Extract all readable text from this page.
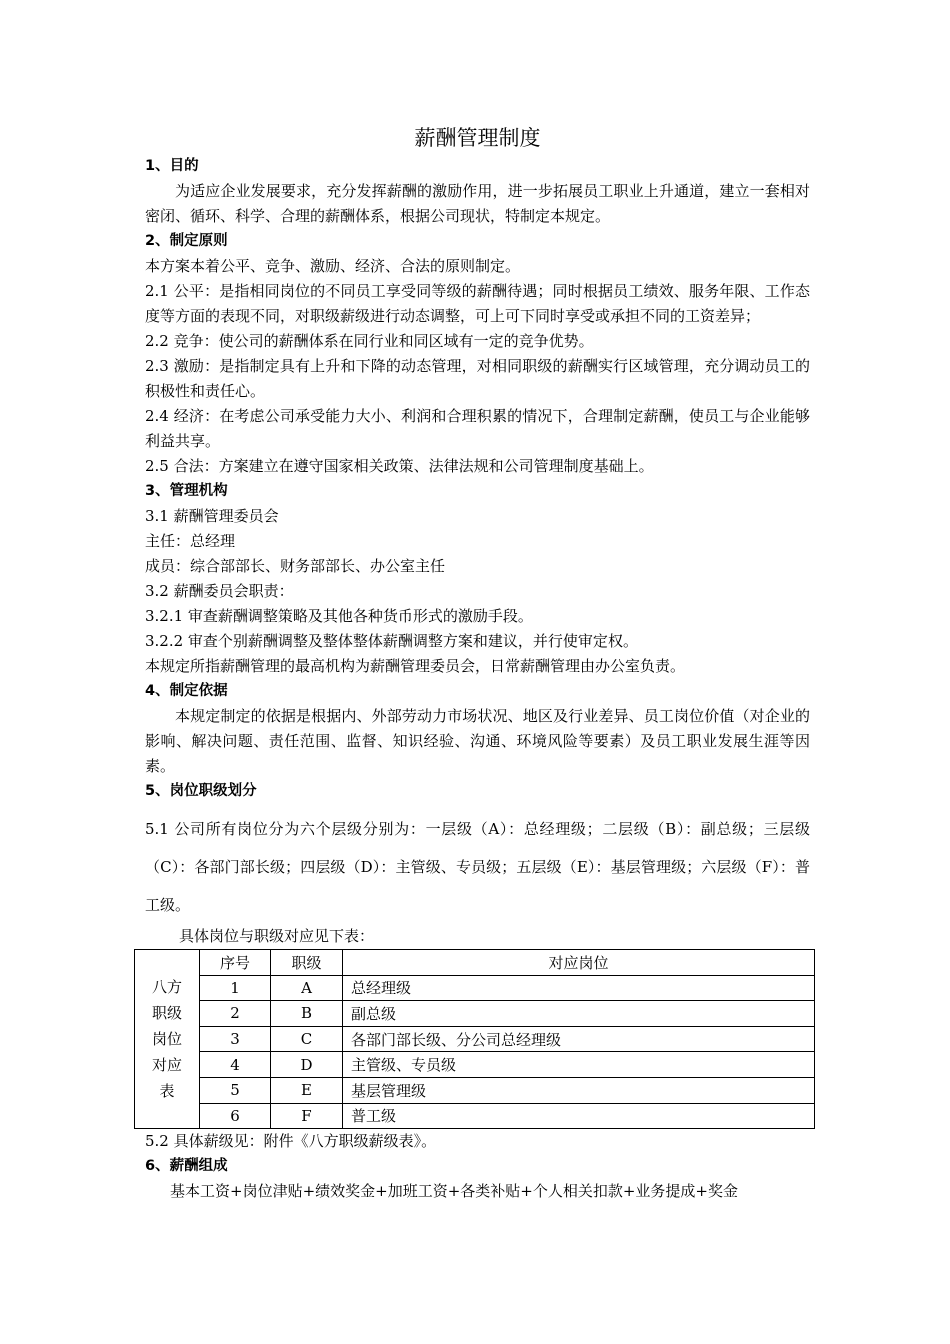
薪酬管理制度
1、目的

为适应企业发展要求，充分发挥薪酬的激励作用，进一步拓展员工职业上升通道，建立一套相对密闭、循环、科学、合理的薪酬体系，根据公司现状，特制定本规定。

2、制定原则

本方案本着公平、竞争、激励、经济、合法的原则制定。

2.1 公平：是指相同岗位的不同员工享受同等级的薪酬待遇；同时根据员工绩效、服务年限、工作态度等方面的表现不同，对职级薪级进行动态调整，可上可下同时享受或承担不同的工资差异；

2.2 竞争：使公司的薪酬体系在同行业和同区域有一定的竞争优势。

2.3 激励：是指制定具有上升和下降的动态管理，对相同职级的薪酬实行区域管理，充分调动员工的积极性和责任心。

2.4 经济：在考虑公司承受能力大小、利润和合理积累的情况下，合理制定薪酬，使员工与企业能够利益共享。

2.5 合法：方案建立在遵守国家相关政策、法律法规和公司管理制度基础上。

3、管理机构

3.1 薪酬管理委员会

主任：总经理

成员：综合部部长、财务部部长、办公室主任

3.2 薪酬委员会职责：

3.2.1 审查薪酬调整策略及其他各种货币形式的激励手段。

3.2.2 审查个别薪酬调整及整体整体薪酬调整方案和建议，并行使审定权。

本规定所指薪酬管理的最高机构为薪酬管理委员会，日常薪酬管理由办公室负责。

4、制定依据

本规定制定的依据是根据内、外部劳动力市场状况、地区及行业差异、员工岗位价值（对企业的影响、解决问题、责任范围、监督、知识经验、沟通、环境风险等要素）及员工职业发展生涯等因素。

5、岗位职级划分

5.1 公司所有岗位分为六个层级分别为：一层级（A）：总经理级；二层级（B）：副总级；三层级（C）：各部门部长级；四层级（D）：主管级、专员级；五层级（E）：基层管理级；六层级（F）：普工级。

具体岗位与职级对应见下表：

八方
职级
岗位
对应
表	序号	职级	对应岗位
	1	A	总经理级
	2	B	副总级
	3	C	各部门部长级、分公司总经理级
	4	D	主管级、专员级
	5	E	基层管理级
	6	F	普工级

5.2 具体薪级见：附件《八方职级薪级表》。

6、薪酬组成

基本工资+岗位津贴+绩效奖金+加班工资+各类补贴+个人相关扣款+业务提成+奖金
